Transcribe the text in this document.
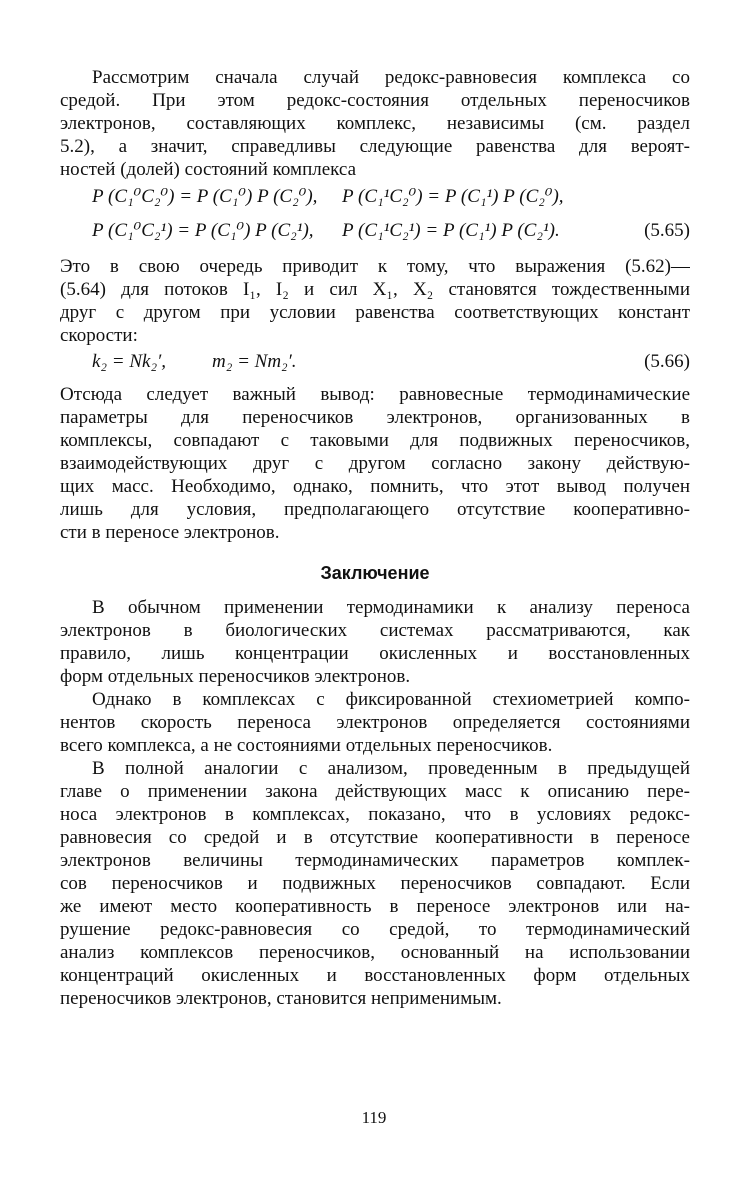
Рассмотрим сначала случай редокс-равновесия комплекса со
средой. При этом редокс-состояния отдельных переносчиков
электронов, составляющих комплекс, независимы (см. раздел
5.2), а значит, справедливы следующие равенства для вероят-
ностей (долей) состояний комплекса
P (C₁⁰C₂⁰) = P (C₁⁰) P (C₂⁰), P (C₁¹C₂⁰) = P (C₁¹) P (C₂⁰),
P (C₁⁰C₂¹) = P (C₁⁰) P (C₂¹), P (C₁¹C₂¹) = P (C₁¹) P (C₂¹).	(5.65)
Это в свою очередь приводит к тому, что выражения (5.62)—
(5.64) для потоков I₁, I₂ и сил X₁, X₂ становятся тождественными
друг с другом при условии равенства соответствующих констант
скорости:
k₂ = Nk₂′, m₂ = Nm₂′.	(5.66)
Отсюда следует важный вывод: равновесные термодинамические
параметры для переносчиков электронов, организованных в
комплексы, совпадают с таковыми для подвижных переносчиков,
взаимодействующих друг с другом согласно закону действую-
щих масс. Необходимо, однако, помнить, что этот вывод получен
лишь для условия, предполагающего отсутствие кооперативно-
сти в переносе электронов.
Заключение
В обычном применении термодинамики к анализу переноса
электронов в биологических системах рассматриваются, как
правило, лишь концентрации окисленных и восстановленных
форм отдельных переносчиков электронов.
Однако в комплексах с фиксированной стехиометрией компо-
нентов скорость переноса электронов определяется состояниями
всего комплекса, а не состояниями отдельных переносчиков.
В полной аналогии с анализом, проведенным в предыдущей
главе о применении закона действующих масс к описанию пере-
носа электронов в комплексах, показано, что в условиях редокс-
равновесия со средой и в отсутствие кооперативности в переносе
электронов величины термодинамических параметров комплек-
сов переносчиков и подвижных переносчиков совпадают. Если
же имеют место кооперативность в переносе электронов или на-
рушение редокс-равновесия со средой, то термодинамический
анализ комплексов переносчиков, основанный на использовании
концентраций окисленных и восстановленных форм отдельных
переносчиков электронов, становится неприменимым.
119
